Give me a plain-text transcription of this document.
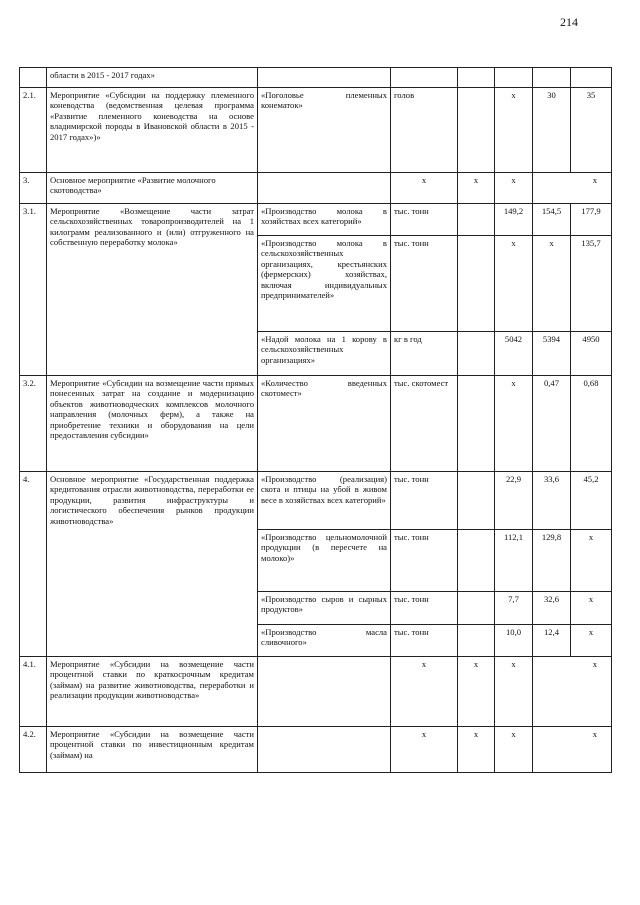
214
	области в 2015 - 2017 годах»						
2.1.	Мероприятие «Субсидии на поддержку племенного коневодства (ведомственная целевая программа «Развитие племенного коневодства на основе владимирской породы в Ивановской области в 2015 - 2017 годах»)»	«Поголовье племенных конематок»	голов		х	30	35
3.	Основное мероприятие «Развитие молочного скотоводства»		х	х	х	х	
3.1.	Мероприятие «Возмещение части затрат сельскохозяйственных товаропроизводителей на 1 килограмм реализованного и (или) отгруженного на собственную переработку молока»	«Производство молока в хозяйствах всех категорий»	тыс. тонн		149,2	154,5	177,9
		«Производство молока в сельскохозяйственных организациях, крестьянских (фермерских) хозяйствах, включая индивидуальных предпринимателей»	тыс. тонн		х	х	135,7
		«Надой молока на 1 корову в сельскохозяйственных организациях»	кг в год		5042	5394	4950
3.2.	Мероприятие «Субсидии на возмещение части прямых понесенных затрат на создание и модернизацию объектов животноводческих комплексов молочного направления (молочных ферм), а также на приобретение техники и оборудования на цели предоставления субсидии»	«Количество введенных скотомест»	тыс. скотомест		х	0,47	0,68
4.	Основное мероприятие «Государственная поддержка кредитования отрасли животноводства, переработки ее продукции, развития инфраструктуры и логистического обеспечения рынков продукции животноводства»	«Производство (реализация) скота и птицы на убой в живом весе в хозяйствах всех категорий»	тыс. тонн		22,9	33,6	45,2
		«Производство цельномолочной продукции (в пересчете на молоко)»	тыс. тонн		112,1	129,8	х
		«Производство сыров и сырных продуктов»	тыс. тонн		7,7	32,6	х
		«Производство масла сливочного»	тыс. тонн		10,0	12,4	х
4.1.	Мероприятие «Субсидии на возмещение части процентной ставки по краткосрочным кредитам (займам) на развитие животноводства, переработки и реализации продукции животноводства»		х	х	х	х	
4.2.	Мероприятие «Субсидии на возмещение части процентной ставки по инвестиционным кредитам (займам) на		х	х	х	х	
